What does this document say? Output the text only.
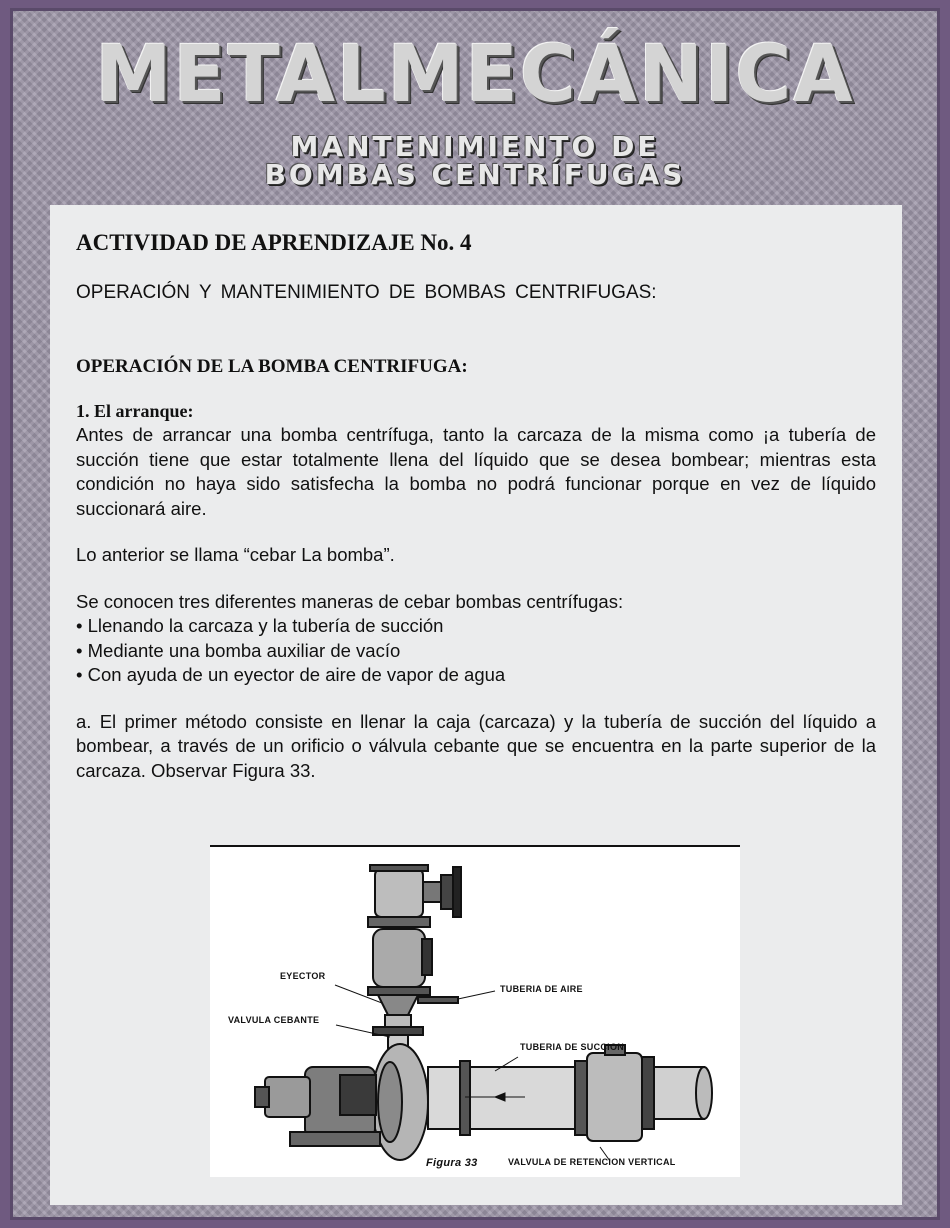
METALMECÁNICA
MANTENIMIENTO DE
BOMBAS CENTRÍFUGAS
ACTIVIDAD DE APRENDIZAJE No. 4
OPERACIÓN Y MANTENIMIENTO DE BOMBAS CENTRIFUGAS:
OPERACIÓN DE LA BOMBA CENTRIFUGA:
1. El arranque:

Antes de arrancar una bomba centrífuga, tanto la carcaza de la misma como ¡a tubería de succión tiene que estar totalmente llena del líquido que se desea bombear; mientras esta condición no haya sido satisfecha la bomba no podrá funcionar porque en vez de líquido succionará aire.

Lo anterior se llama “cebar La bomba”.

Se conocen tres diferentes maneras de cebar bombas centrífugas:

• Llenando la carcaza y la tubería de succión
• Mediante una bomba auxiliar de vacío
• Con ayuda de un eyector de aire de vapor de agua

a. El primer método consiste en llenar la caja (carcaza) y la tubería de succión del líquido a bombear, a través de un orificio o válvula cebante que se encuentra en la parte superior de la carcaza. Observar Figura 33.

EYECTOR
VALVULA CEBANTE
TUBERIA DE AIRE
TUBERIA DE SUCCION
Figura 33	VALVULA DE RETENCION VERTICAL
